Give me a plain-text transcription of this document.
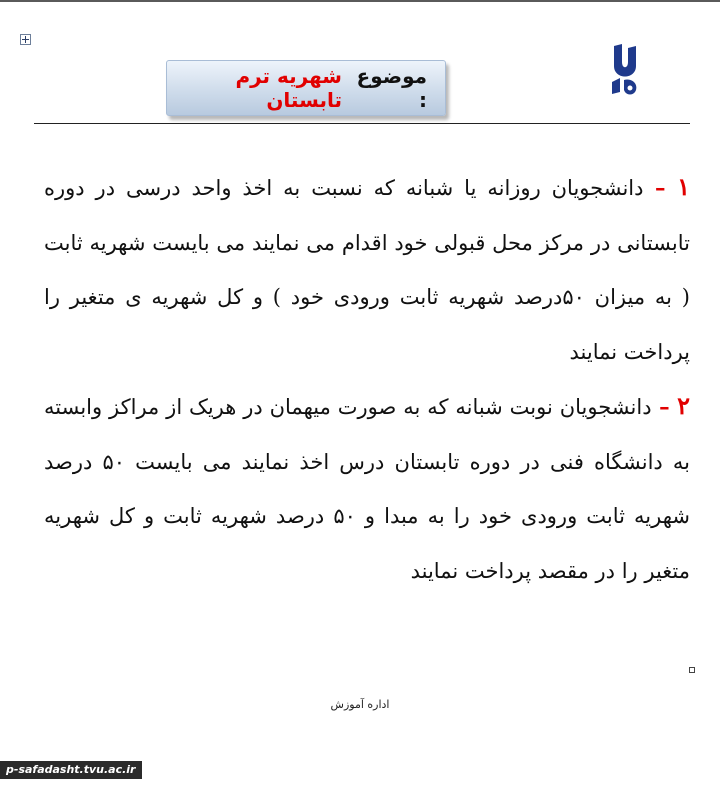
موضوع :
شهریه ترم تابستان

۱ – دانشجویان روزانه یا شبانه که نسبت به اخذ واحد درسی در دوره تابستانی در مرکز محل قبولی خود اقدام می نمایند می بایست شهریه ثابت ( به میزان ۵۰درصد شهریه ثابت ورودی خود ) و کل شهریه ی متغیر را پرداخت نمایند

۲ – دانشجویان نوبت شبانه که به صورت میهمان در هریک از مراکز وابسته به دانشگاه فنی در دوره تابستان درس اخذ نمایند می بایست ۵۰ درصد شهریه ثابت ورودی خود را به مبدا و ۵۰ درصد شهریه ثابت و کل شهریه متغیر را در مقصد پرداخت نمایند

اداره آموزش
p-safadasht.tvu.ac.ir
